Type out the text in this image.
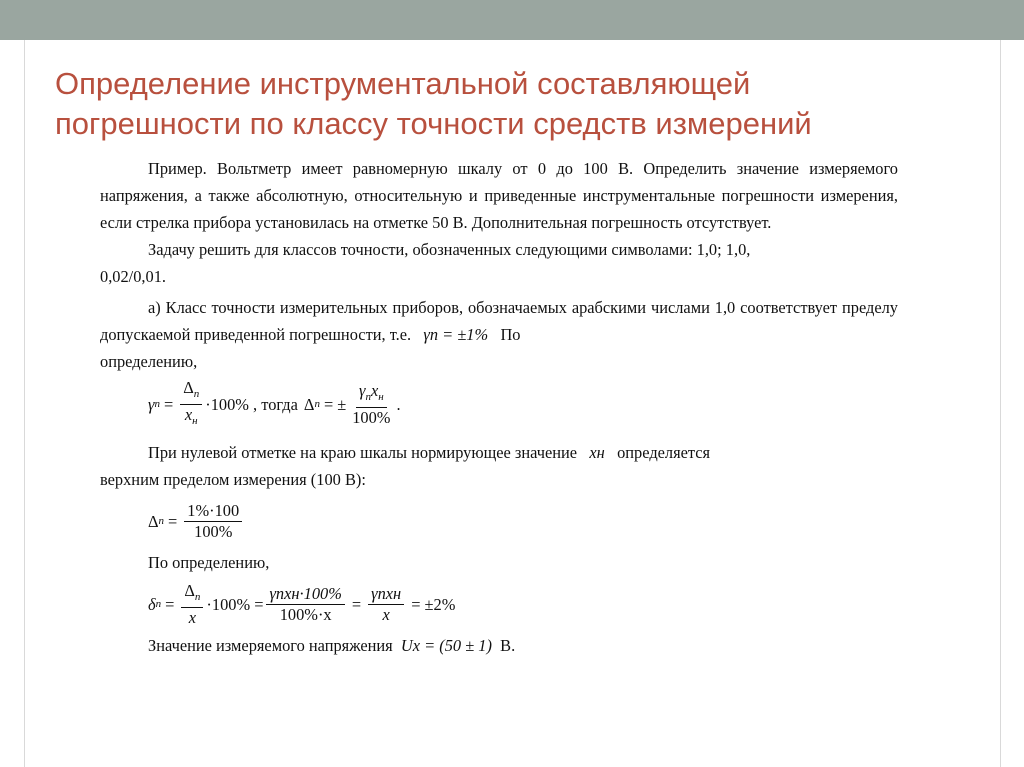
Определение инструментальной составляющей
погрешности по классу точности средств измерений

Пример. Вольтметр имеет равномерную шкалу от 0 до 100 В. Определить значение измеряемого напряжения, а также абсолютную, относительную и приведенные инструментальные погрешности измерения, если стрелка прибора установилась на отметке 50 В. Дополнительная погрешность отсутствует.

Задачу решить для классов точности, обозначенных следующими символами: 1,0; 1,0,
0,02/0,01.

а) Класс точности измерительных приборов, обозначаемых арабскими числами 1,0 соответствует пределу допускаемой приведенной погрешности, т.е. γп = ±1% По
определению,

γ $п = \frac{\Delta_п}{x_н} \cdot 100\%$ , тогда Δ п = ± $\frac{\gamma_пx_н}{100\%}$ .

При нулевой отметке на краю шкалы нормирующее значение xн определяется
верхним пределом измерения (100 В):

Δ $п = \frac{1\%\cdot 100}{100\%}$

По определению,

δ $п = \frac{\Delta_п}{x} \cdot 100\% = \frac{\text{γпxн·100\%}}{100\%\cdot x} = \frac{\text{γпxн}}{x} = \pm 2\%$

Значение измеряемого напряжения Ux = (50 ± 1) В.
